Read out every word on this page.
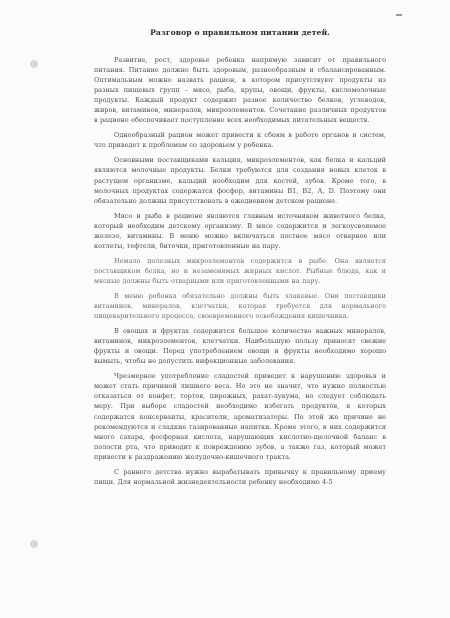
Разговор о правильном питании детей.

Развитие, рост, здоровье ребенка напрямую зависит от правильного питания. Питание должно быть здоровым, разнообразным и сбалансированным. Оптимальным можно назвать рацион, в котором присутствуют продукты из разных пищевых групп – мясо, рыба, крупы, овощи, фрукты, кисломолочные продукты. Каждый продукт содержит разное количество белков, углеводов, жиров, витаминов, минералов, микроэлементов. Сочетание различных продуктов в рационе обеспечивает поступление всех необходимых питательных веществ.

Однообразный рацион может привести к сбоям в работе органов и систем, что приведет к проблемам со здоровьем у ребенка.

Основными поставщиками кальция, микроэлементов, как белка и кальций являются молочные продукты. Белки требуются для создания новых клеток в растущем организме, кальций необходим для костей, зубов. Кроме того, в молочных продуктах содержатся фосфор, витамины В1, В2, А, D. Поэтому они обязательно должны присутствовать в ежедневном детском рационе.

Мясо и рыба в рационе являются главным источником животного белка, который необходим детскому организму. В мясе содержится и легкоусвояемое железо, витамины. В меню можно включаться постное мясо отварное или котлеты, тефтели, биточки, приготовленные на пару.

Немало полезных микроэлементов содержится в рыбе. Она является поставщиком белка, но и незаменимых жирных кислот. Рыбные блюда, как и мясные должны быть отварными или приготовленными на пару.

В меню ребенка обязательно должны быть злаковые. Они поставщики витаминов, минералов, клетчатки, которая требуется для нормального пищеварительного процесса, своевременного освобождения кишечника.

В овощах и фруктах содержится большое количество важных минералов, витаминов, микроэлементов, клетчатки. Наибольшую пользу приносят свежие фрукты и овощи. Перед употреблением овощи и фрукты необходимо хорошо вымыть, чтобы не допустить инфекционные заболевания.

Чрезмерное употребление сладостей приведет к нарушению здоровья и может стать причиной лишнего веса. Но это не значит, что нужно полностью отказаться от конфет, тортов, пирожных, рахат-лукума, но следует соблюдать меру. При выборе сладостей необходимо избегать продуктов, в которых содержатся консерванты, красители, ароматизаторы. По этой же причине не рекомендуются и сладкие газированные напитки. Кроме этого, в них содержится много сахара, фосфорная кислота, нарушающих кислотно-щелочной баланс в полости рта, что приводит к повреждению зубов, а также газ, который может привести к раздражению желудочно-кишечного тракта.

С раннего детства нужно вырабатывать привычку к правильному приему пищи. Для нормальной жизнедеятельности ребенку необходимо 4-5
